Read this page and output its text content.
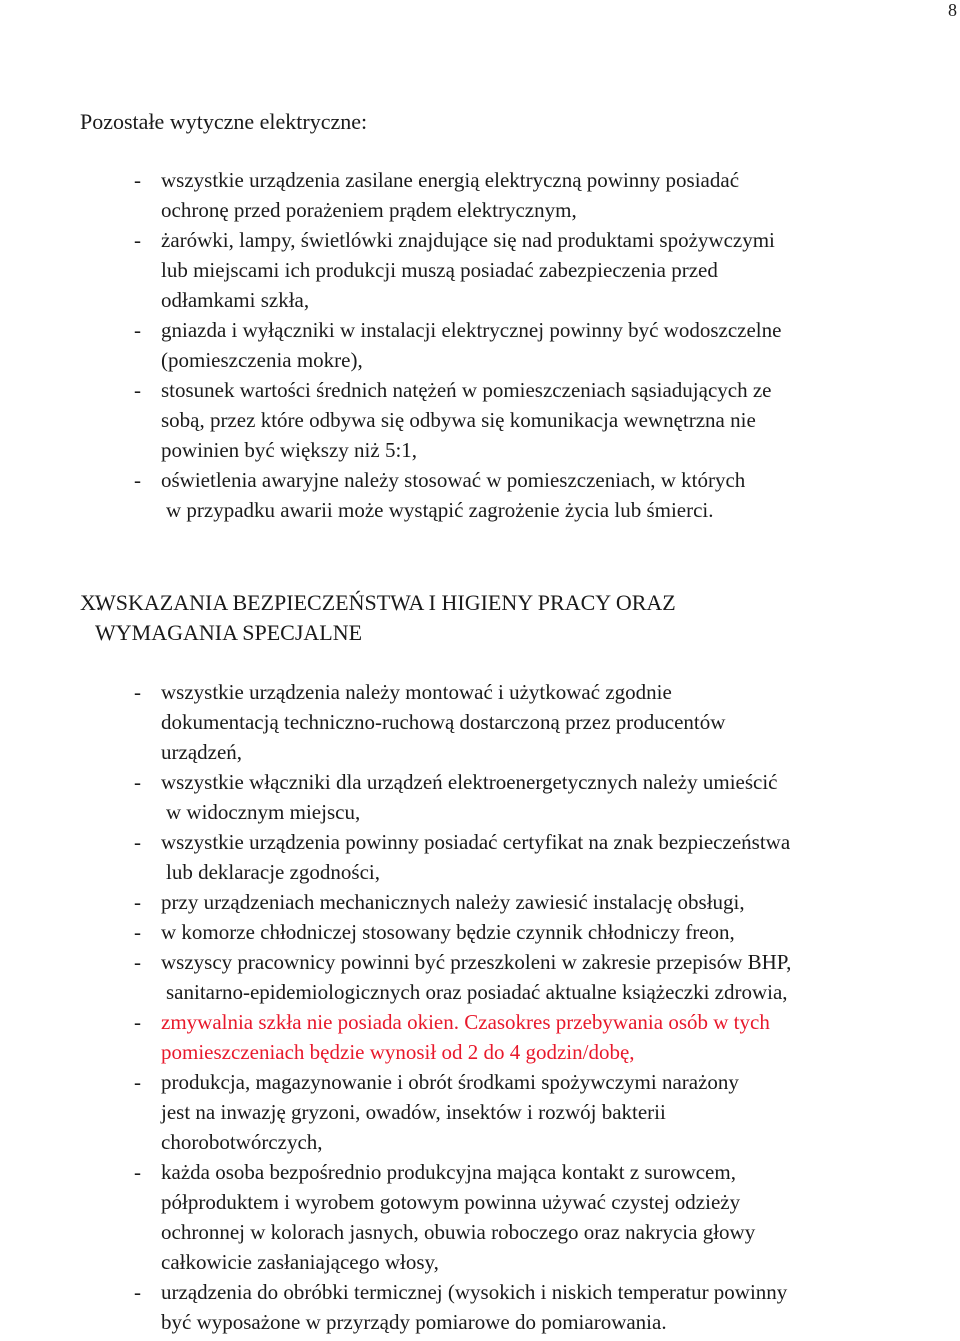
8
Pozostałe wytyczne elektryczne:
- wszystkie urządzenia zasilane energią elektryczną powinny posiadać
ochronę przed porażeniem prądem elektrycznym,
- żarówki, lampy, świetlówki znajdujące się nad produktami spożywczymi
lub miejscami ich produkcji muszą posiadać zabezpieczenia przed
odłamkami szkła,
- gniazda i wyłączniki w instalacji elektrycznej powinny być wodoszczelne
(pomieszczenia mokre),
- stosunek wartości średnich natężeń w pomieszczeniach sąsiadujących ze
sobą, przez które odbywa się odbywa się komunikacja wewnętrzna nie
powinien być większy niż 5:1,
- oświetlenia awaryjne należy stosować w pomieszczeniach, w których
w przypadku awarii może wystąpić zagrożenie życia lub śmierci.
X.
WSKAZANIA BEZPIECZEŃSTWA I HIGIENY PRACY ORAZ
WYMAGANIA SPECJALNE
- wszystkie urządzenia należy montować i użytkować zgodnie
dokumentacją techniczno-ruchową dostarczoną przez producentów
urządzeń,
- wszystkie włączniki dla urządzeń elektroenergetycznych należy umieścić
w widocznym miejscu,
- wszystkie urządzenia powinny posiadać certyfikat na znak bezpieczeństwa
lub deklaracje zgodności,
- przy urządzeniach mechanicznych należy zawiesić instalację obsługi,
- w komorze chłodniczej stosowany będzie czynnik chłodniczy freon,
- wszyscy pracownicy powinni być przeszkoleni w zakresie przepisów BHP,
sanitarno-epidemiologicznych oraz posiadać aktualne książeczki zdrowia,
- zmywalnia szkła nie posiada okien. Czasokres przebywania osób w tych
pomieszczeniach będzie wynosił od 2 do 4 godzin/dobę,
- produkcja, magazynowanie i obrót środkami spożywczymi narażony
jest na inwazję gryzoni, owadów, insektów i rozwój bakterii
chorobotwórczych,
- każda osoba bezpośrednio produkcyjna mająca kontakt z surowcem,
półproduktem i wyrobem gotowym powinna używać czystej odzieży
ochronnej w kolorach jasnych, obuwia roboczego oraz nakrycia głowy
całkowicie zasłaniającego włosy,
- urządzenia do obróbki termicznej (wysokich i niskich temperatur powinny
być wyposażone w przyrządy pomiarowe do pomiarowania.
